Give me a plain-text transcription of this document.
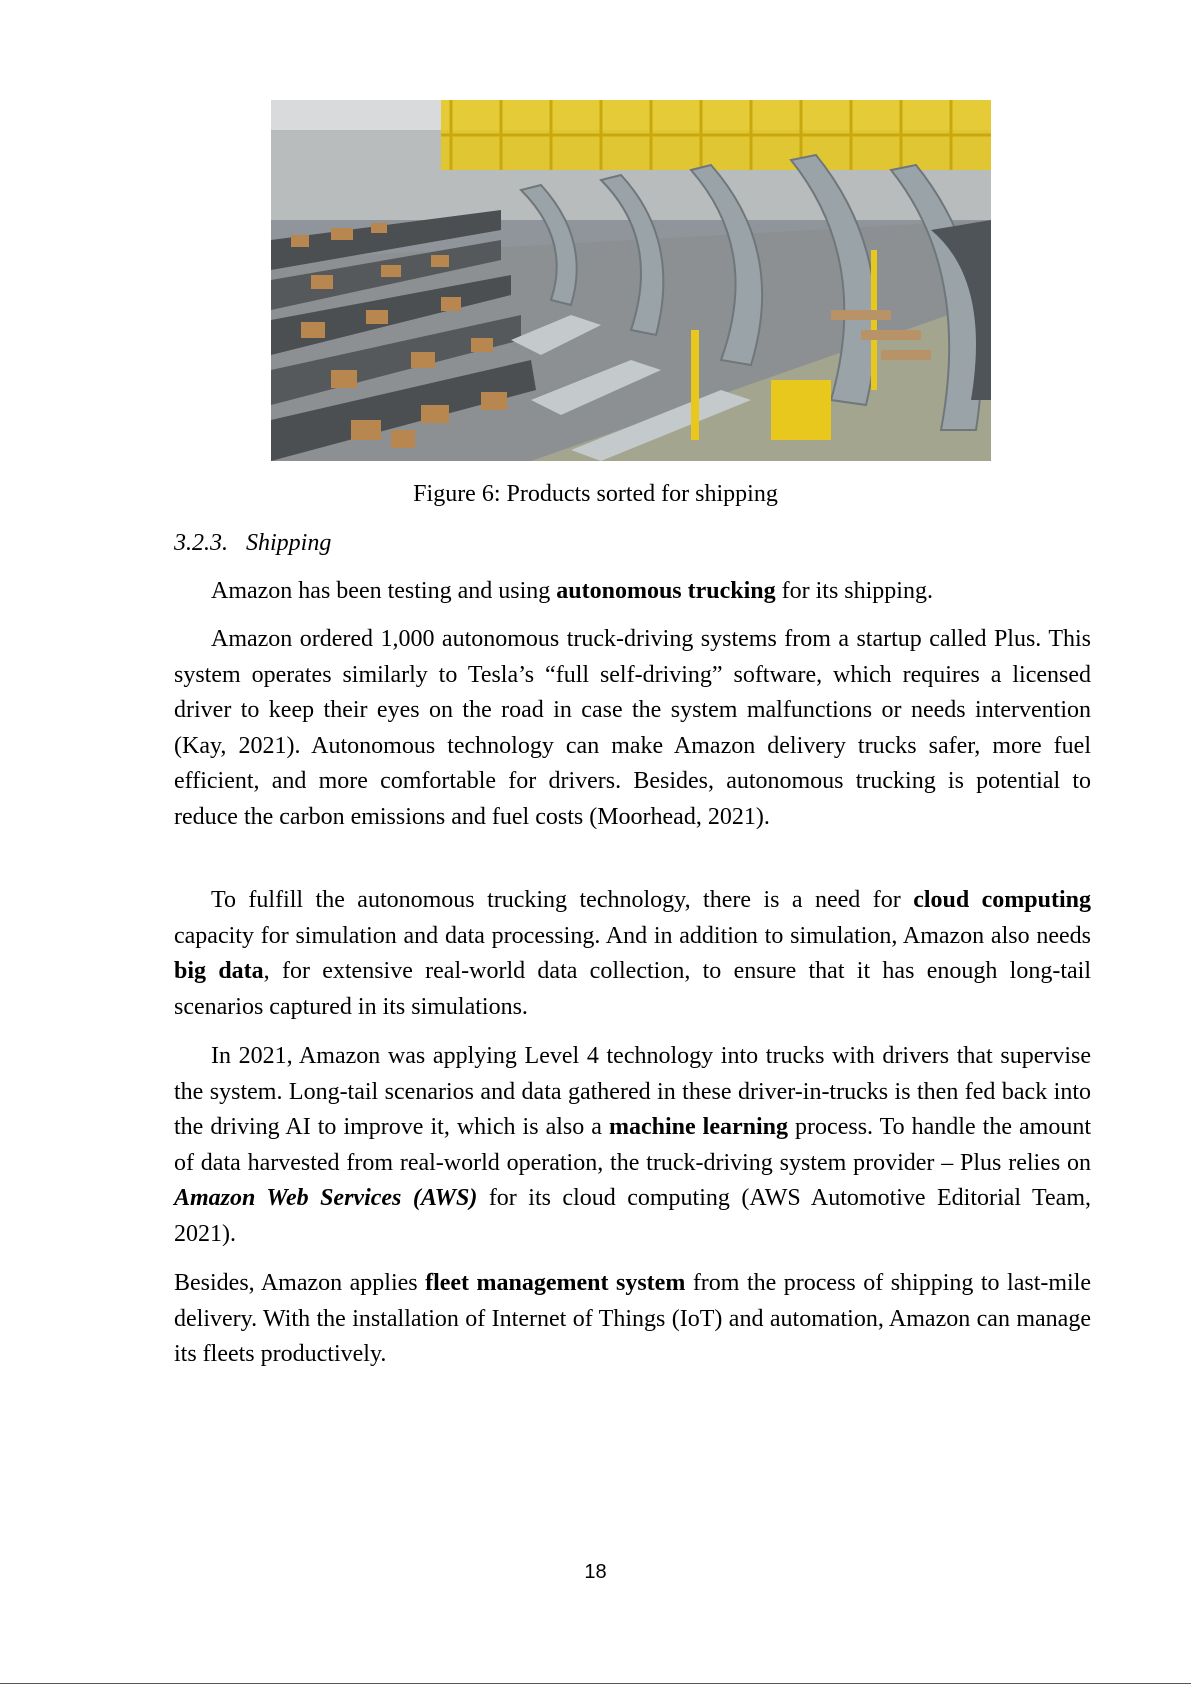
Figure 6: Products sorted for shipping
3.2.3. Shipping

Amazon has been testing and using autonomous trucking for its shipping.

Amazon ordered 1,000 autonomous truck-driving systems from a startup called Plus. This system operates similarly to Tesla’s “full self-driving” software, which requires a licensed driver to keep their eyes on the road in case the system malfunctions or needs intervention (Kay, 2021). Autonomous technology can make Amazon delivery trucks safer, more fuel efficient, and more comfortable for drivers. Besides, autonomous trucking is potential to reduce the carbon emissions and fuel costs (Moorhead, 2021).

To fulfill the autonomous trucking technology, there is a need for cloud computing capacity for simulation and data processing. And in addition to simulation, Amazon also needs big data, for extensive real-world data collection, to ensure that it has enough long-tail scenarios captured in its simulations.

In 2021, Amazon was applying Level 4 technology into trucks with drivers that supervise the system. Long-tail scenarios and data gathered in these driver-in-trucks is then fed back into the driving AI to improve it, which is also a machine learning process. To handle the amount of data harvested from real-world operation, the truck-driving system provider – Plus relies on Amazon Web Services (AWS) for its cloud computing (AWS Automotive Editorial Team, 2021).

Besides, Amazon applies fleet management system from the process of shipping to last-mile delivery. With the installation of Internet of Things (IoT) and automation, Amazon can manage its fleets productively.

18
